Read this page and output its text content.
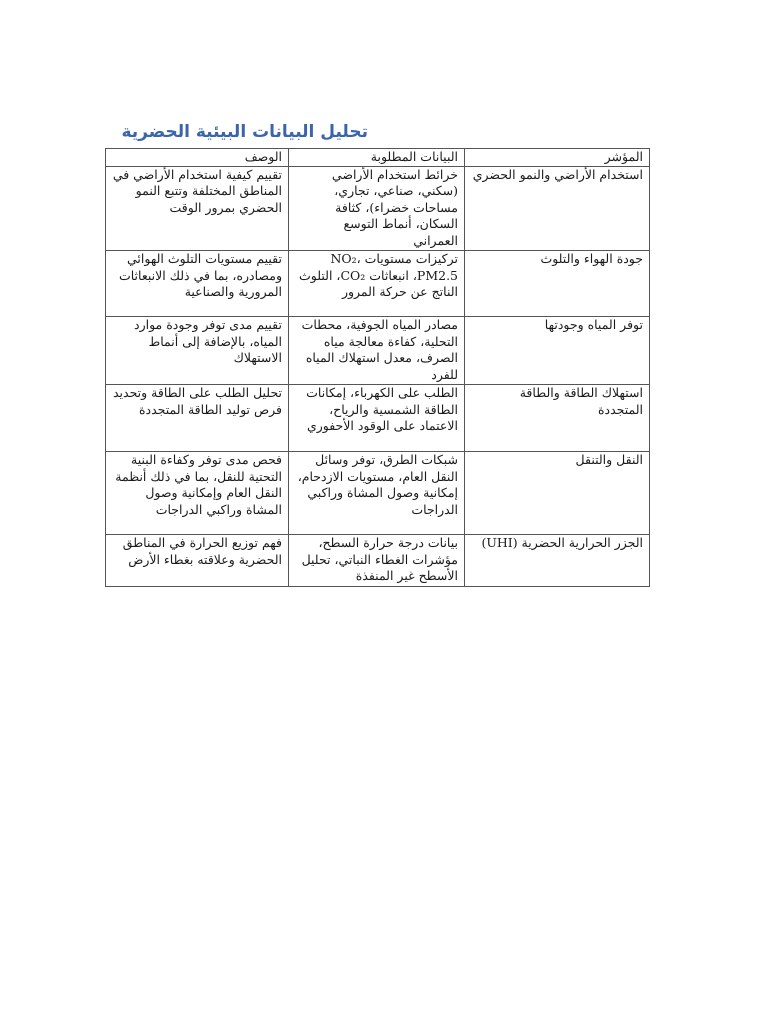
تحليل البيانات البيئية الحضرية
المؤشر	البيانات المطلوبة	الوصف
استخدام الأراضي والنمو الحضري	خرائط استخدام الأراضي (سكني، صناعي، تجاري، مساحات خضراء)، كثافة السكان، أنماط التوسع العمراني	تقييم كيفية استخدام الأراضي في المناطق المختلفة وتتبع النمو الحضري بمرور الوقت
جودة الهواء والتلوث	تركيزات مستويات NO₂، PM2.5، انبعاثات CO₂، التلوث الناتج عن حركة المرور	تقييم مستويات التلوث الهوائي ومصادره، بما في ذلك الانبعاثات المرورية والصناعية
توفر المياه وجودتها	مصادر المياه الجوفية، محطات التحلية، كفاءة معالجة مياه الصرف، معدل استهلاك المياه للفرد	تقييم مدى توفر وجودة موارد المياه، بالإضافة إلى أنماط الاستهلاك
استهلاك الطاقة والطاقة المتجددة	الطلب على الكهرباء، إمكانات الطاقة الشمسية والرياح، الاعتماد على الوقود الأحفوري	تحليل الطلب على الطاقة وتحديد فرص توليد الطاقة المتجددة
النقل والتنقل	شبكات الطرق، توفر وسائل النقل العام، مستويات الازدحام، إمكانية وصول المشاة وراكبي الدراجات	فحص مدى توفر وكفاءة البنية التحتية للنقل، بما في ذلك أنظمة النقل العام وإمكانية وصول المشاة وراكبي الدراجات
الجزر الحرارية الحضرية (UHI)	بيانات درجة حرارة السطح، مؤشرات الغطاء النباتي، تحليل الأسطح غير المنفذة	فهم توزيع الحرارة في المناطق الحضرية وعلاقته بغطاء الأرض
